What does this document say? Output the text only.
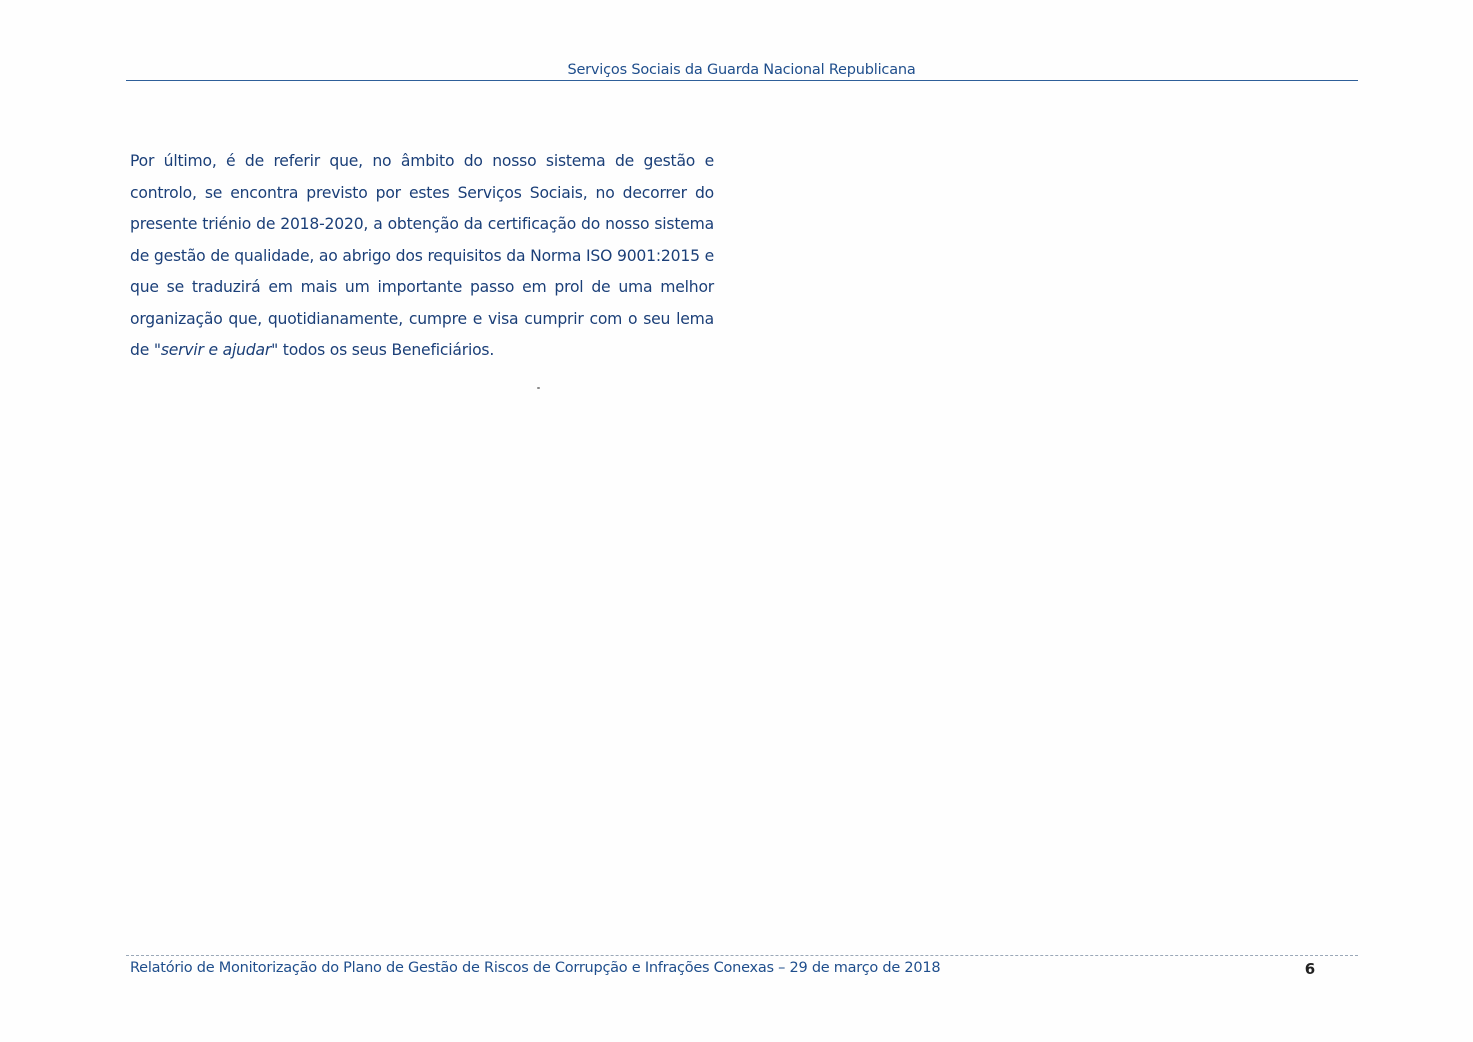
Serviços Sociais da Guarda Nacional Republicana

Por último, é de referir que, no âmbito do nosso sistema de gestão e controlo, se encontra previsto por estes Serviços Sociais, no decorrer do presente triénio de 2018-2020, a obtenção da certificação do nosso sistema de gestão de qualidade, ao abrigo dos requisitos da Norma ISO 9001:2015 e que se traduzirá em mais um importante passo em prol de uma melhor organização que, quotidianamente, cumpre e visa cumprir com o seu lema de "servir e ajudar" todos os seus Beneficiários.

Relatório de Monitorização do Plano de Gestão de Riscos de Corrupção e Infrações Conexas – 29 de março de 2018	6
